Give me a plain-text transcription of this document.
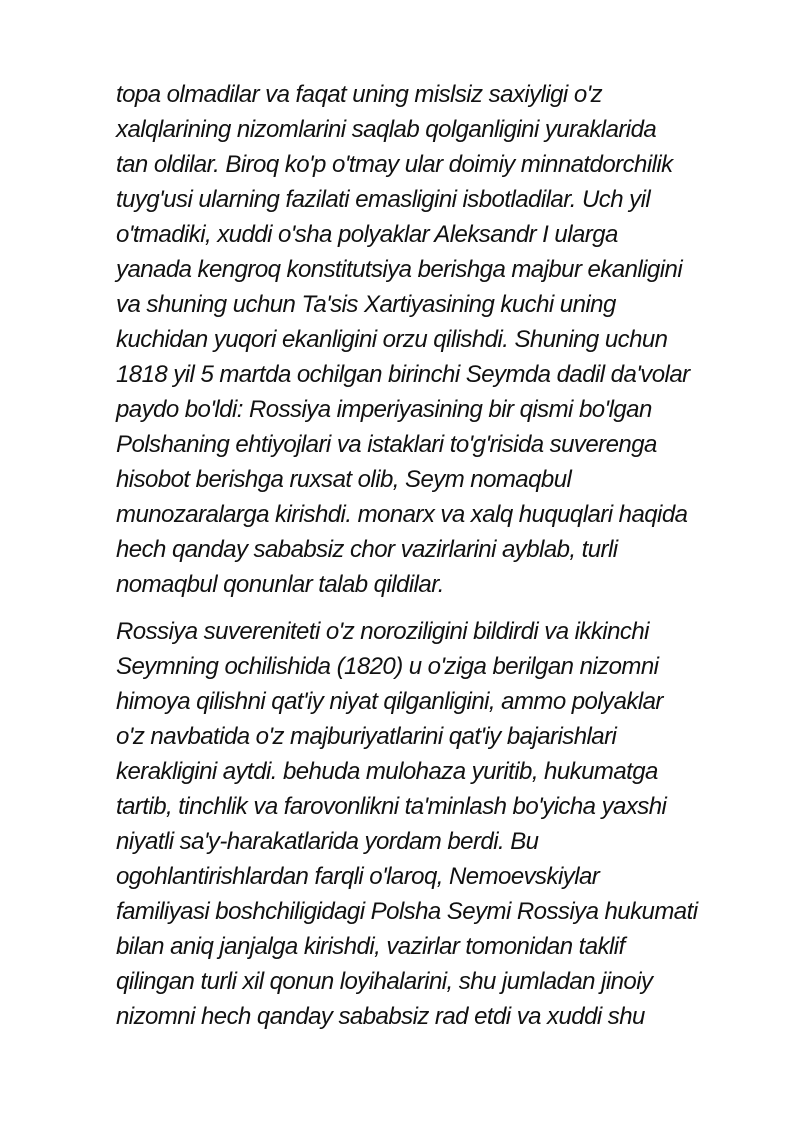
topa olmadilar va faqat uning mislsiz saxiyligi o'z
xalqlarining nizomlarini saqlab qolganligini yuraklarida
tan oldilar. Biroq ko'p o'tmay ular doimiy minnatdorchilik
tuyg'usi ularning fazilati emasligini isbotladilar. Uch yil
o'tmadiki, xuddi o'sha polyaklar Aleksandr I ularga
yanada kengroq konstitutsiya berishga majbur ekanligini
va shuning uchun Ta'sis Xartiyasining kuchi uning
kuchidan yuqori ekanligini orzu qilishdi. Shuning uchun
1818 yil 5 martda ochilgan birinchi Seymda dadil da'volar
paydo bo'ldi: Rossiya imperiyasining bir qismi bo'lgan
Polshaning ehtiyojlari va istaklari to'g'risida suverenga
hisobot berishga ruxsat olib, Seym nomaqbul
munozaralarga kirishdi. monarx va xalq huquqlari haqida
hech qanday sababsiz chor vazirlarini ayblab, turli
nomaqbul qonunlar talab qildilar.
Rossiya suvereniteti o'z noroziligini bildirdi va ikkinchi
Seymning ochilishida (1820) u o'ziga berilgan nizomni
himoya qilishni qat'iy niyat qilganligini, ammo polyaklar
o'z navbatida o'z majburiyatlarini qat'iy bajarishlari
kerakligini aytdi. behuda mulohaza yuritib, hukumatga
tartib, tinchlik va farovonlikni ta'minlash bo'yicha yaxshi
niyatli sa'y-harakatlarida yordam berdi. Bu
ogohlantirishlardan farqli o'laroq, Nemoevskiylar
familiyasi boshchiligidagi Polsha Seymi Rossiya hukumati
bilan aniq janjalga kirishdi, vazirlar tomonidan taklif
qilingan turli xil qonun loyihalarini, shu jumladan jinoiy
nizomni hech qanday sababsiz rad etdi va xuddi shu
